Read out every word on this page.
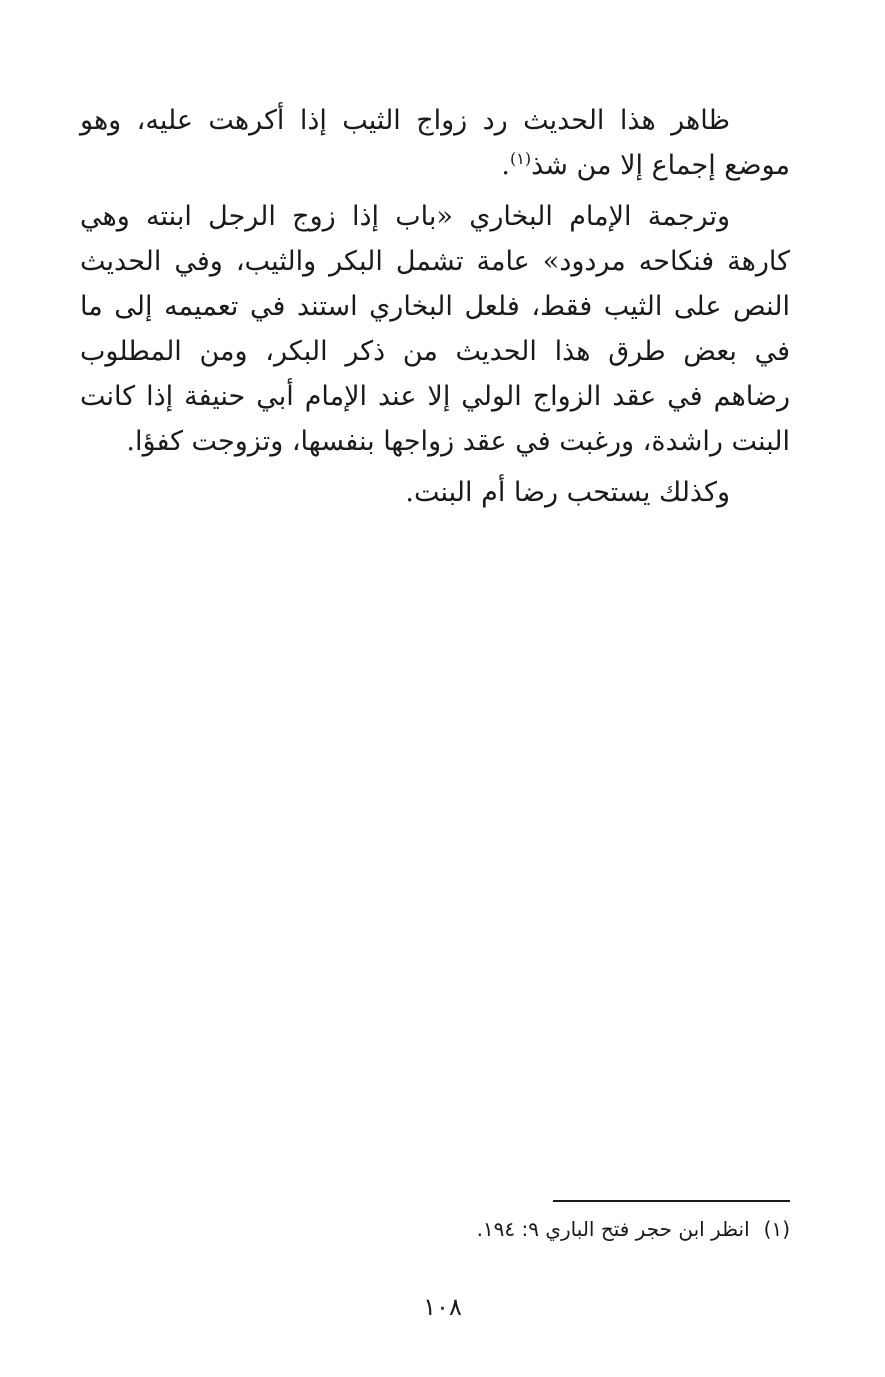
ظاهر هذا الحديث رد زواج الثيب إذا أكرهت عليه، وهو موضع إجماع إلا من شذ$^{(١)}$.

وترجمة الإمام البخاري «باب إذا زوج الرجل ابنته وهي كارهة فنكاحه مردود» عامة تشمل البكر والثيب، وفي الحديث النص على الثيب فقط، فلعل البخاري استند في تعميمه إلى ما في بعض طرق هذا الحديث من ذكر البكر، ومن المطلوب رضاهم في عقد الزواج الولي إلا عند الإمام أبي حنيفة إذا كانت البنت راشدة، ورغبت في عقد زواجها بنفسها، وتزوجت كفؤا.

وكذلك يستحب رضا أم البنت.

(١)انظر ابن حجر فتح الباري ٩: ١٩٤.
١٠٨
